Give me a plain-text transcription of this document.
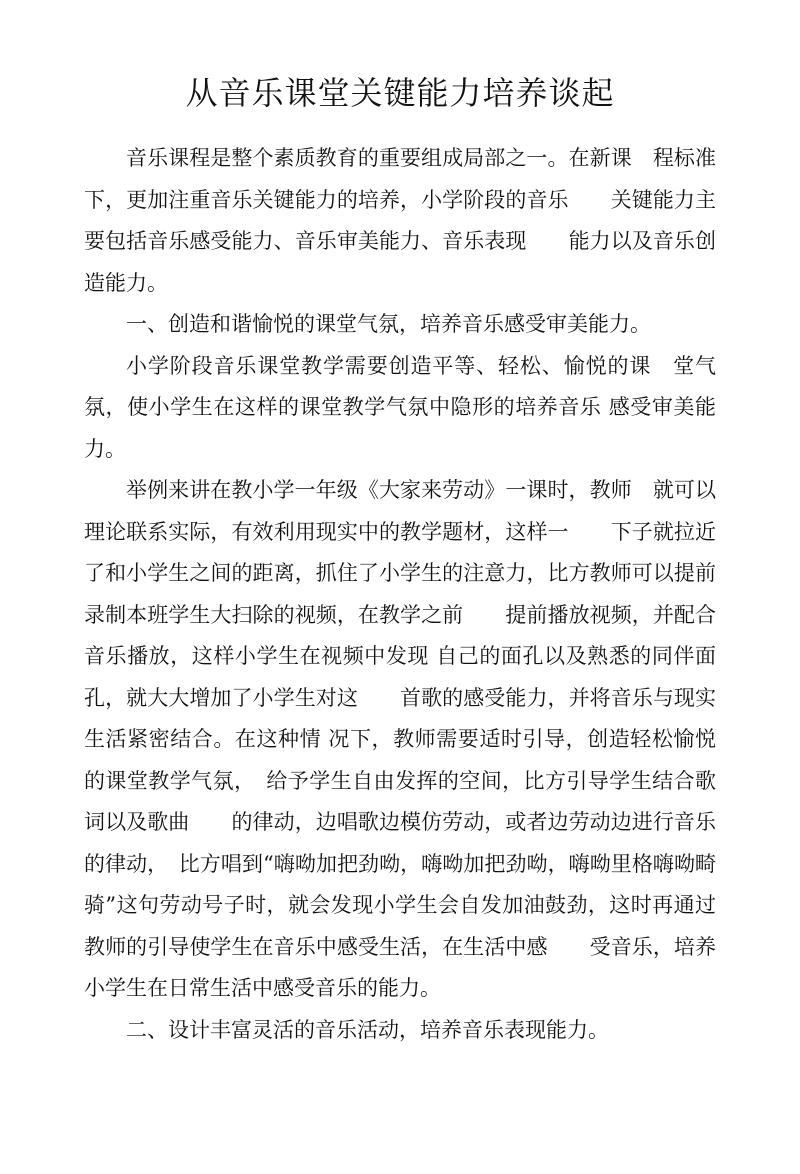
从音乐课堂关键能力培养谈起

音乐课程是整个素质教育的重要组成局部之一。在新课　程标准下，更加注重音乐关键能力的培养，小学阶段的音乐　　关键能力主要包括音乐感受能力、音乐审美能力、音乐表现　　能力以及音乐创造能力。

一、创造和谐愉悦的课堂气氛，培养音乐感受审美能力。

小学阶段音乐课堂教学需要创造平等、轻松、愉悦的课　堂气氛，使小学生在这样的课堂教学气氛中隐形的培养音乐 感受审美能力。

举例来讲在教小学一年级《大家来劳动》一课时，教师　就可以理论联系实际，有效利用现实中的教学题材，这样一　　下子就拉近了和小学生之间的距离，抓住了小学生的注意力，比方教师可以提前录制本班学生大扫除的视频，在教学之前　　提前播放视频，并配合音乐播放，这样小学生在视频中发现 自己的面孔以及熟悉的同伴面孔，就大大增加了小学生对这　　首歌的感受能力，并将音乐与现实生活紧密结合。在这种情 况下，教师需要适时引导，创造轻松愉悦的课堂教学气氛，　给予学生自由发挥的空间，比方引导学生结合歌词以及歌曲　　的律动，边唱歌边模仿劳动，或者边劳动边进行音乐的律动，　比方唱到“嗨呦加把劲呦，嗨呦加把劲呦，嗨呦里格嗨呦畸 骑”这句劳动号子时，就会发现小学生会自发加油鼓劲，这时再通过教师的引导使学生在音乐中感受生活，在生活中感　　受音乐，培养小学生在日常生活中感受音乐的能力。

二、设计丰富灵活的音乐活动，培养音乐表现能力。
